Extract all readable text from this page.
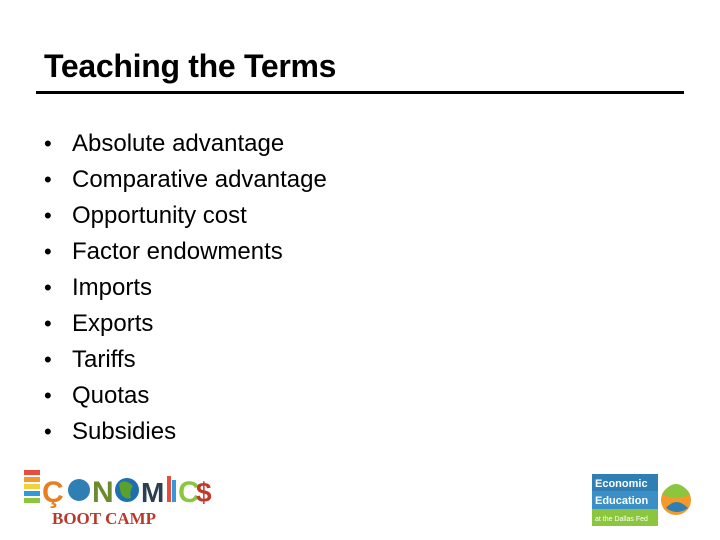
Teaching the Terms
• Absolute advantage
• Comparative advantage
• Opportunity cost
• Factor endowments
• Imports
• Exports
• Tariffs
• Quotas
• Subsidies
Ç N M C
$
BOOT CAMP
Economic
Education
at the Dallas Fed
